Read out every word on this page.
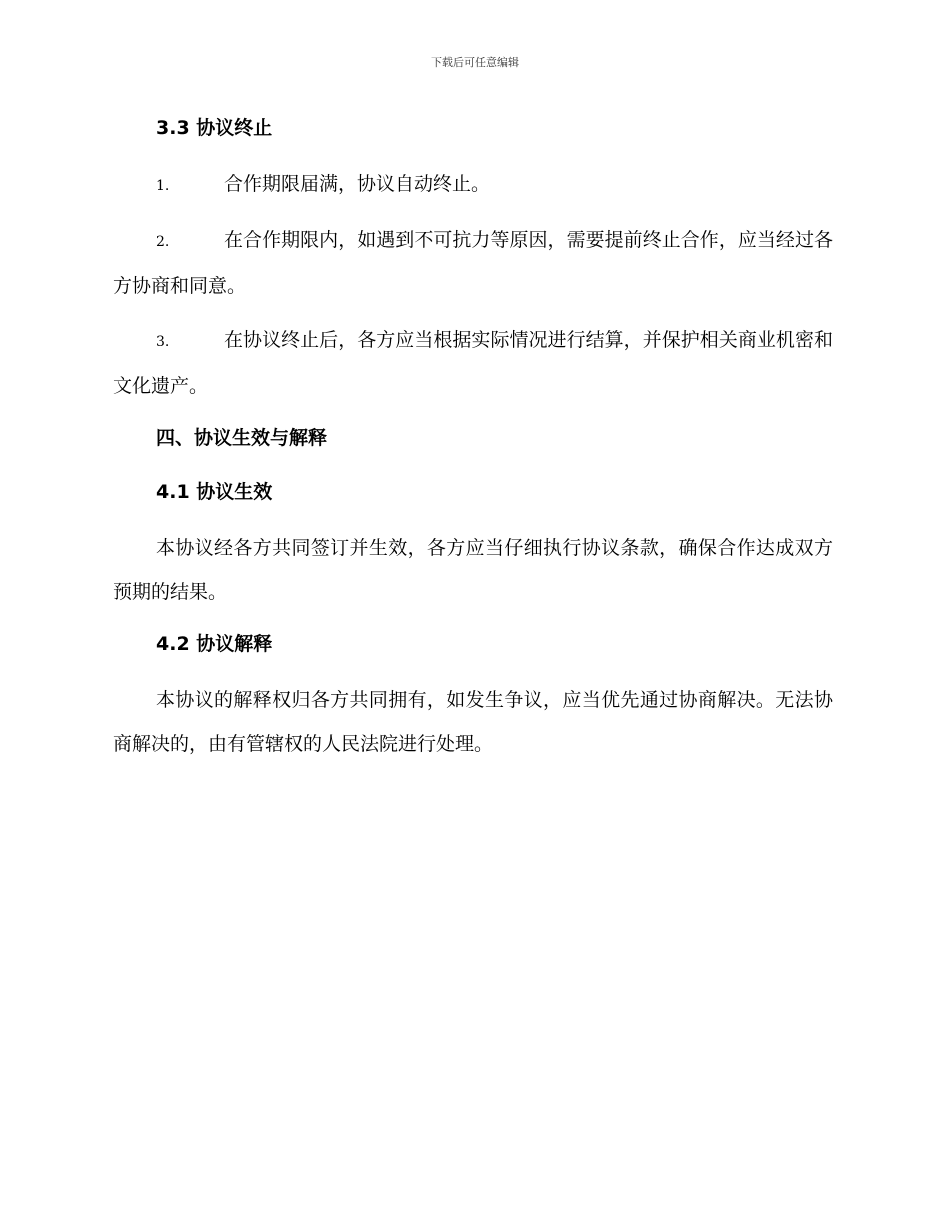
下载后可任意编辑
3.3 协议终止
1.	合作期限届满，协议自动终止。
2.	在合作期限内，如遇到不可抗力等原因，需要提前终止合作，应当经过各方协商和同意。
3.	在协议终止后，各方应当根据实际情况进行结算，并保护相关商业机密和文化遗产。
四、协议生效与解释
4.1 协议生效
本协议经各方共同签订并生效，各方应当仔细执行协议条款，确保合作达成双方预期的结果。
4.2 协议解释
本协议的解释权归各方共同拥有，如发生争议，应当优先通过协商解决。无法协商解决的，由有管辖权的人民法院进行处理。
